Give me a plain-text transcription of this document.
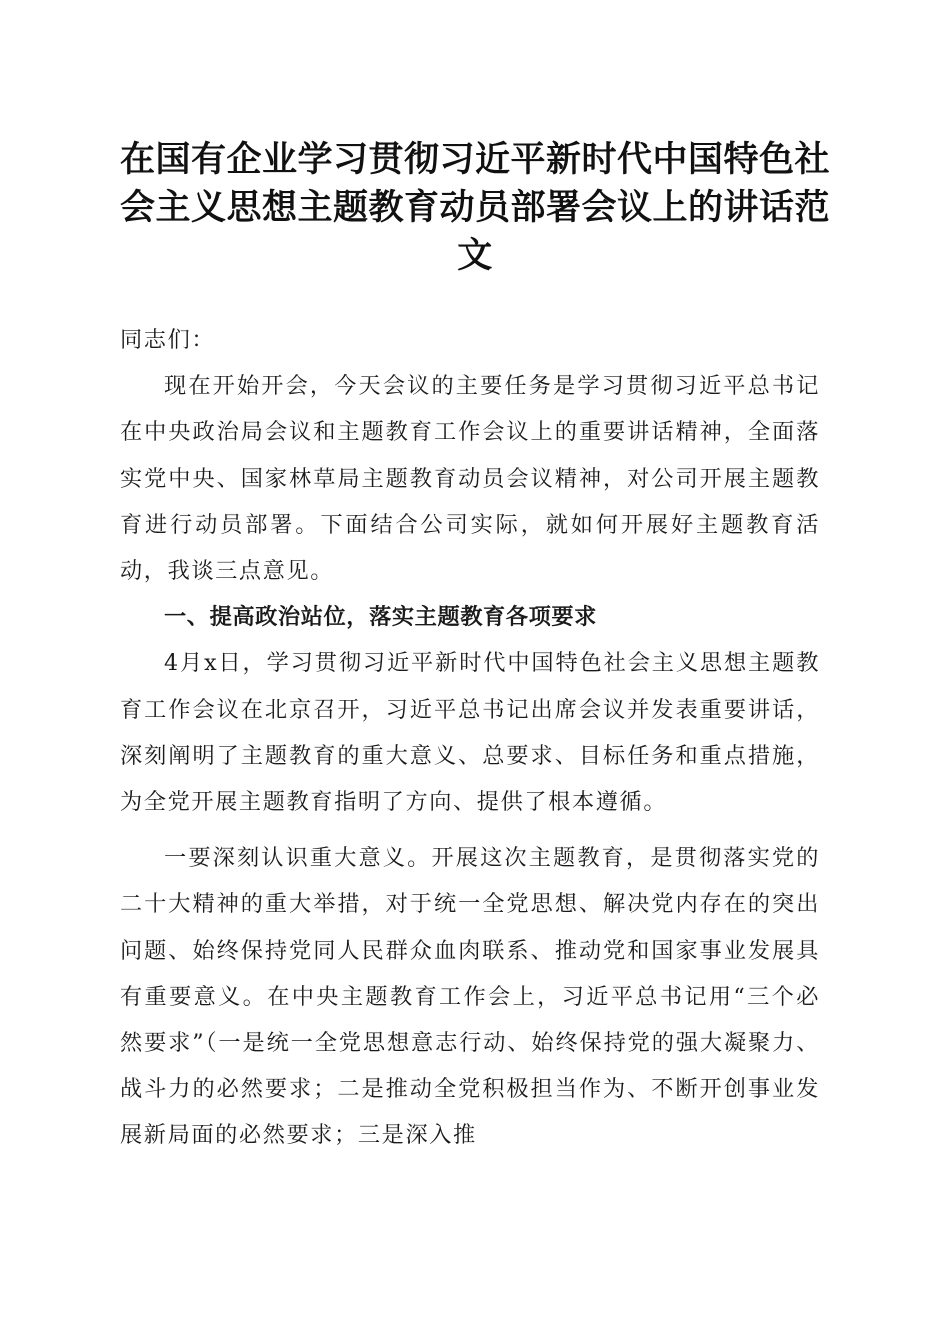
在国有企业学习贯彻习近平新时代中国特色社
会主义思想主题教育动员部署会议上的讲话范
文

同志们：

现在开始开会，今天会议的主要任务是学习贯彻习近平总书记在中央政治局会议和主题教育工作会议上的重要讲话精神，全面落实党中央、国家林草局主题教育动员会议精神，对公司开展主题教育进行动员部署。下面结合公司实际，就如何开展好主题教育活动，我谈三点意见。

一、提高政治站位，落实主题教育各项要求

4月x日，学习贯彻习近平新时代中国特色社会主义思想主题教育工作会议在北京召开，习近平总书记出席会议并发表重要讲话，深刻阐明了主题教育的重大意义、总要求、目标任务和重点措施，为全党开展主题教育指明了方向、提供了根本遵循。

一要深刻认识重大意义。开展这次主题教育，是贯彻落实党的二十大精神的重大举措，对于统一全党思想、解决党内存在的突出问题、始终保持党同人民群众血肉联系、推动党和国家事业发展具有重要意义。在中央主题教育工作会上，习近平总书记用“三个必然要求”（一是统一全党思想意志行动、始终保持党的强大凝聚力、战斗力的必然要求；二是推动全党积极担当作为、不断开创事业发展新局面的必然要求；三是深入推
